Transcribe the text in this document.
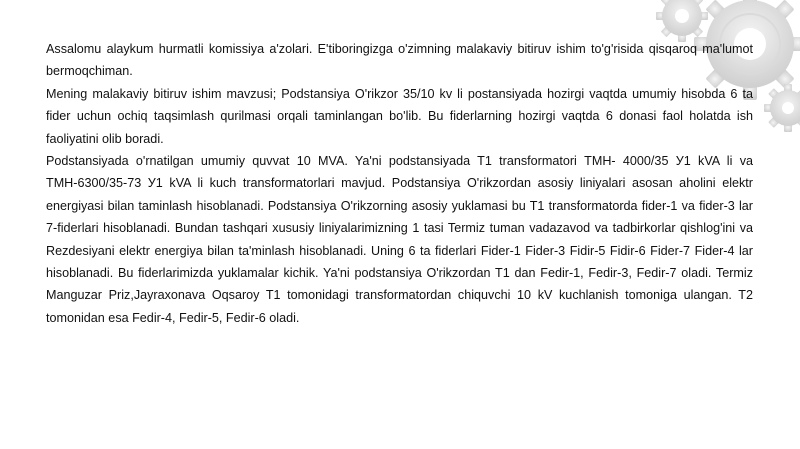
Assalomu alaykum hurmatli komissiya a'zolari. E'tiboringizga o'zimning malakaviy bitiruv ishim to'g'risida qisqaroq ma'lumot bermoqchiman.

Mening malakaviy bitiruv ishim mavzusi; Podstansiya O'rikzor 35/10 kv li postansiyada hozirgi vaqtda umumiy hisobda 6 ta fider uchun ochiq taqsimlash qurilmasi orqali taminlangan bo'lib. Bu fiderlarning hozirgi vaqtda 6 donasi faol holatda ish faoliyatini olib boradi.

Podstansiyada o'rnatilgan umumiy quvvat 10 MVA. Ya'ni podstansiyada T1 transformatori ТМН- 4000/35 У1 kVA li va ТМН-6300/35-73 У1 kVA li kuch transformatorlari mavjud. Podstansiya O'rikzordan asosiy liniyalari asosan aholini elektr energiyasi bilan taminlash hisoblanadi. Podstansiya O'rikzorning asosiy yuklamasi bu T1 transformatorda fider-1 va fider-3 lar 7-fiderlari hisoblanadi. Bundan tashqari xususiy liniyalarimizning 1 tasi Termiz tuman vadazavod va tadbirkorlar qishlog'ini va Rezdesiyani elektr energiya bilan ta'minlash hisoblanadi. Uning 6 ta fiderlari Fider-1 Fider-3 Fidir-5 Fidir-6 Fider-7 Fider-4 lar hisoblanadi. Bu fiderlarimizda yuklamalar kichik. Ya'ni podstansiya O'rikzordan T1 dan Fedir-1, Fedir-3, Fedir-7 oladi. Termiz Manguzar Priz,Jayraxonava Oqsaroy T1 tomonidagi transformatordan chiquvchi 10 kV kuchlanish tomoniga ulangan. T2 tomonidan esa Fedir-4, Fedir-5, Fedir-6 oladi.
